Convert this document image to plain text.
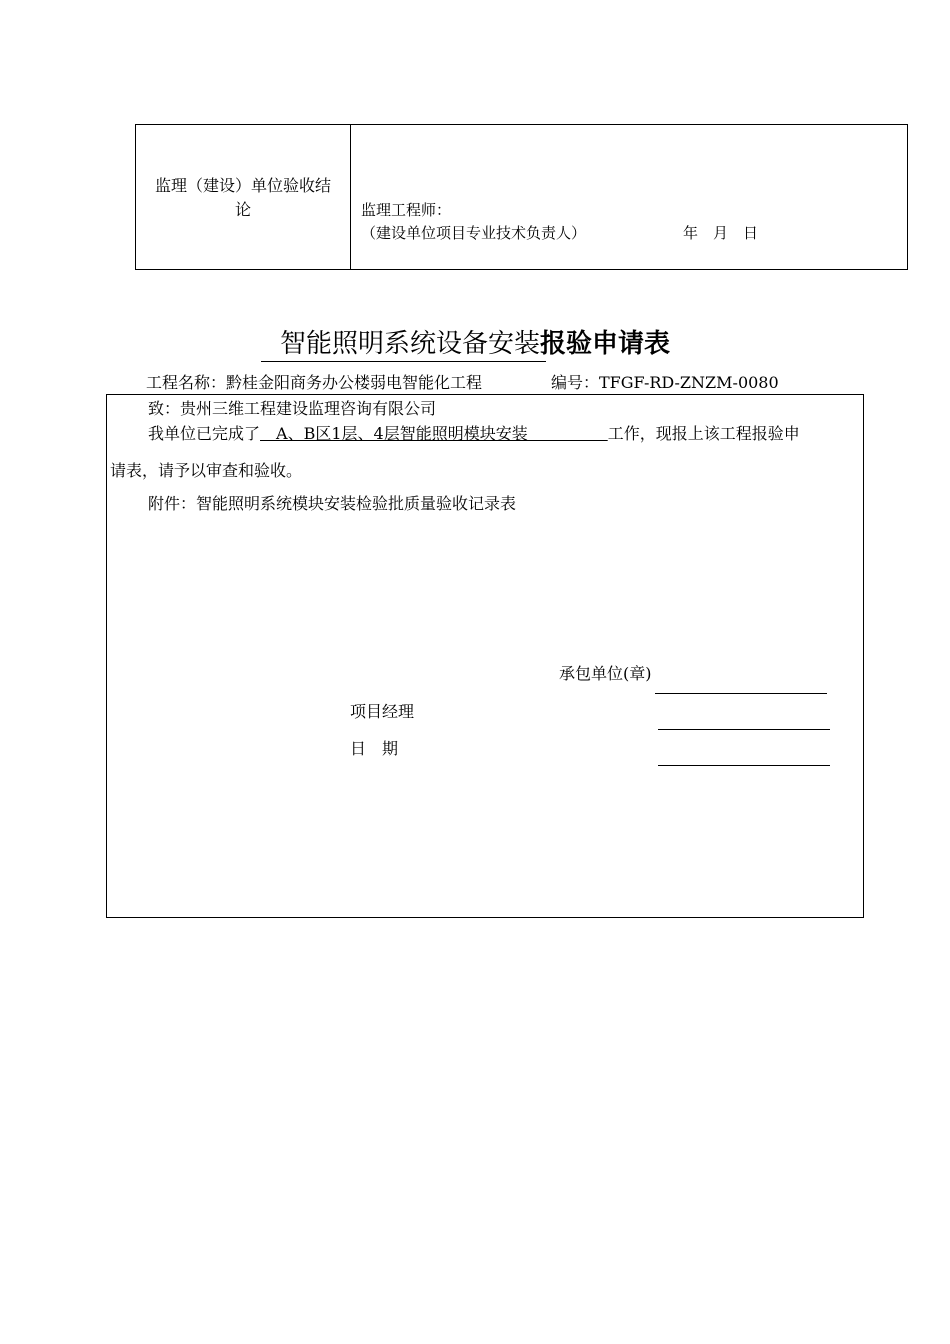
监理（建设）单位验收结
论	监理工程师：
（建设单位项目专业技术负责人）	年　月　日
智能照明系统设备安装报验申请表
工程名称：黔桂金阳商务办公楼弱电智能化工程	编号：TFGF-RD-ZNZM-0080
致：贵州三维工程建设监理咨询有限公司
我单位已完成了　A、B区1层、4层智能照明模块安装　　　　　工作，现报上该工程报验申
请表，请予以审查和验收。
附件：智能照明系统模块安装检验批质量验收记录表
承包单位(章)
项目经理
日　期
